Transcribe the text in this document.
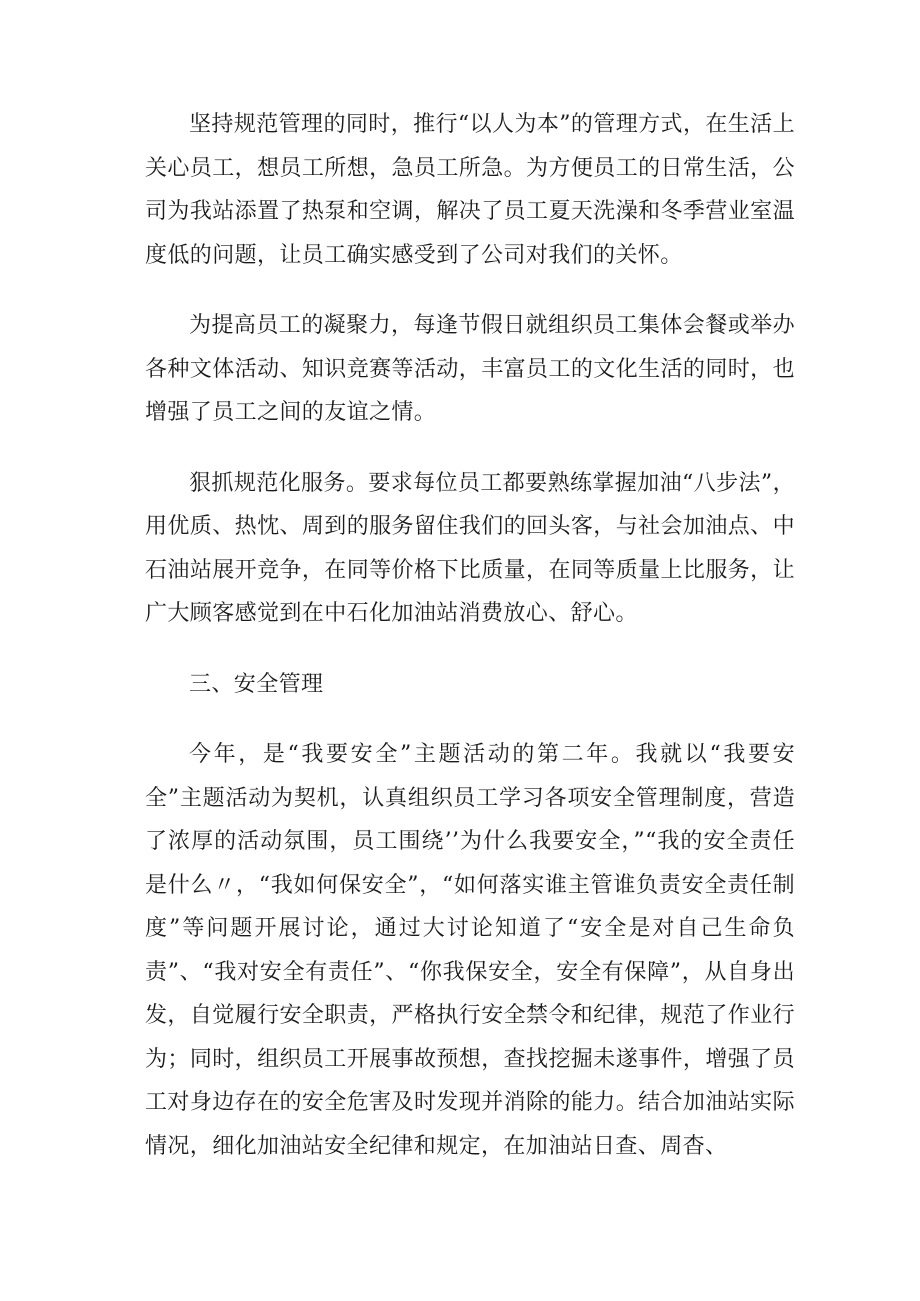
坚持规范管理的同时，推行“以人为本”的管理方式，在生活上关心员工，想员工所想，急员工所急。为方便员工的日常生活，公司为我站添置了热泵和空调，解决了员工夏天洗澡和冬季营业室温度低的问题，让员工确实感受到了公司对我们的关怀。

为提高员工的凝聚力，每逢节假日就组织员工集体会餐或举办各种文体活动、知识竞赛等活动，丰富员工的文化生活的同时，也增强了员工之间的友谊之情。

狠抓规范化服务。要求每位员工都要熟练掌握加油“八步法”，用优质、热忱、周到的服务留住我们的回头客，与社会加油点、中石油站展开竞争，在同等价格下比质量，在同等质量上比服务，让广大顾客感觉到在中石化加油站消费放心、舒心。

三、安全管理

今年，是“我要安全”主题活动的第二年。我就以“我要安全”主题活动为契机，认真组织员工学习各项安全管理制度，营造了浓厚的活动氛围，员工围绕’’为什么我要安全，”“我的安全责任是什么〃，“我如何保安全”，“如何落实谁主管谁负责安全责任制度”等问题开展讨论，通过大讨论知道了“安全是对自己生命负责”、“我对安全有责任”、“你我保安全，安全有保障”，从自身出发，自觉履行安全职责，严格执行安全禁令和纪律，规范了作业行为；同时，组织员工开展事故预想，查找挖掘未遂事件，增强了员工对身边存在的安全危害及时发现并消除的能力。结合加油站实际情况，细化加油站安全纪律和规定，在加油站日查、周杳、
